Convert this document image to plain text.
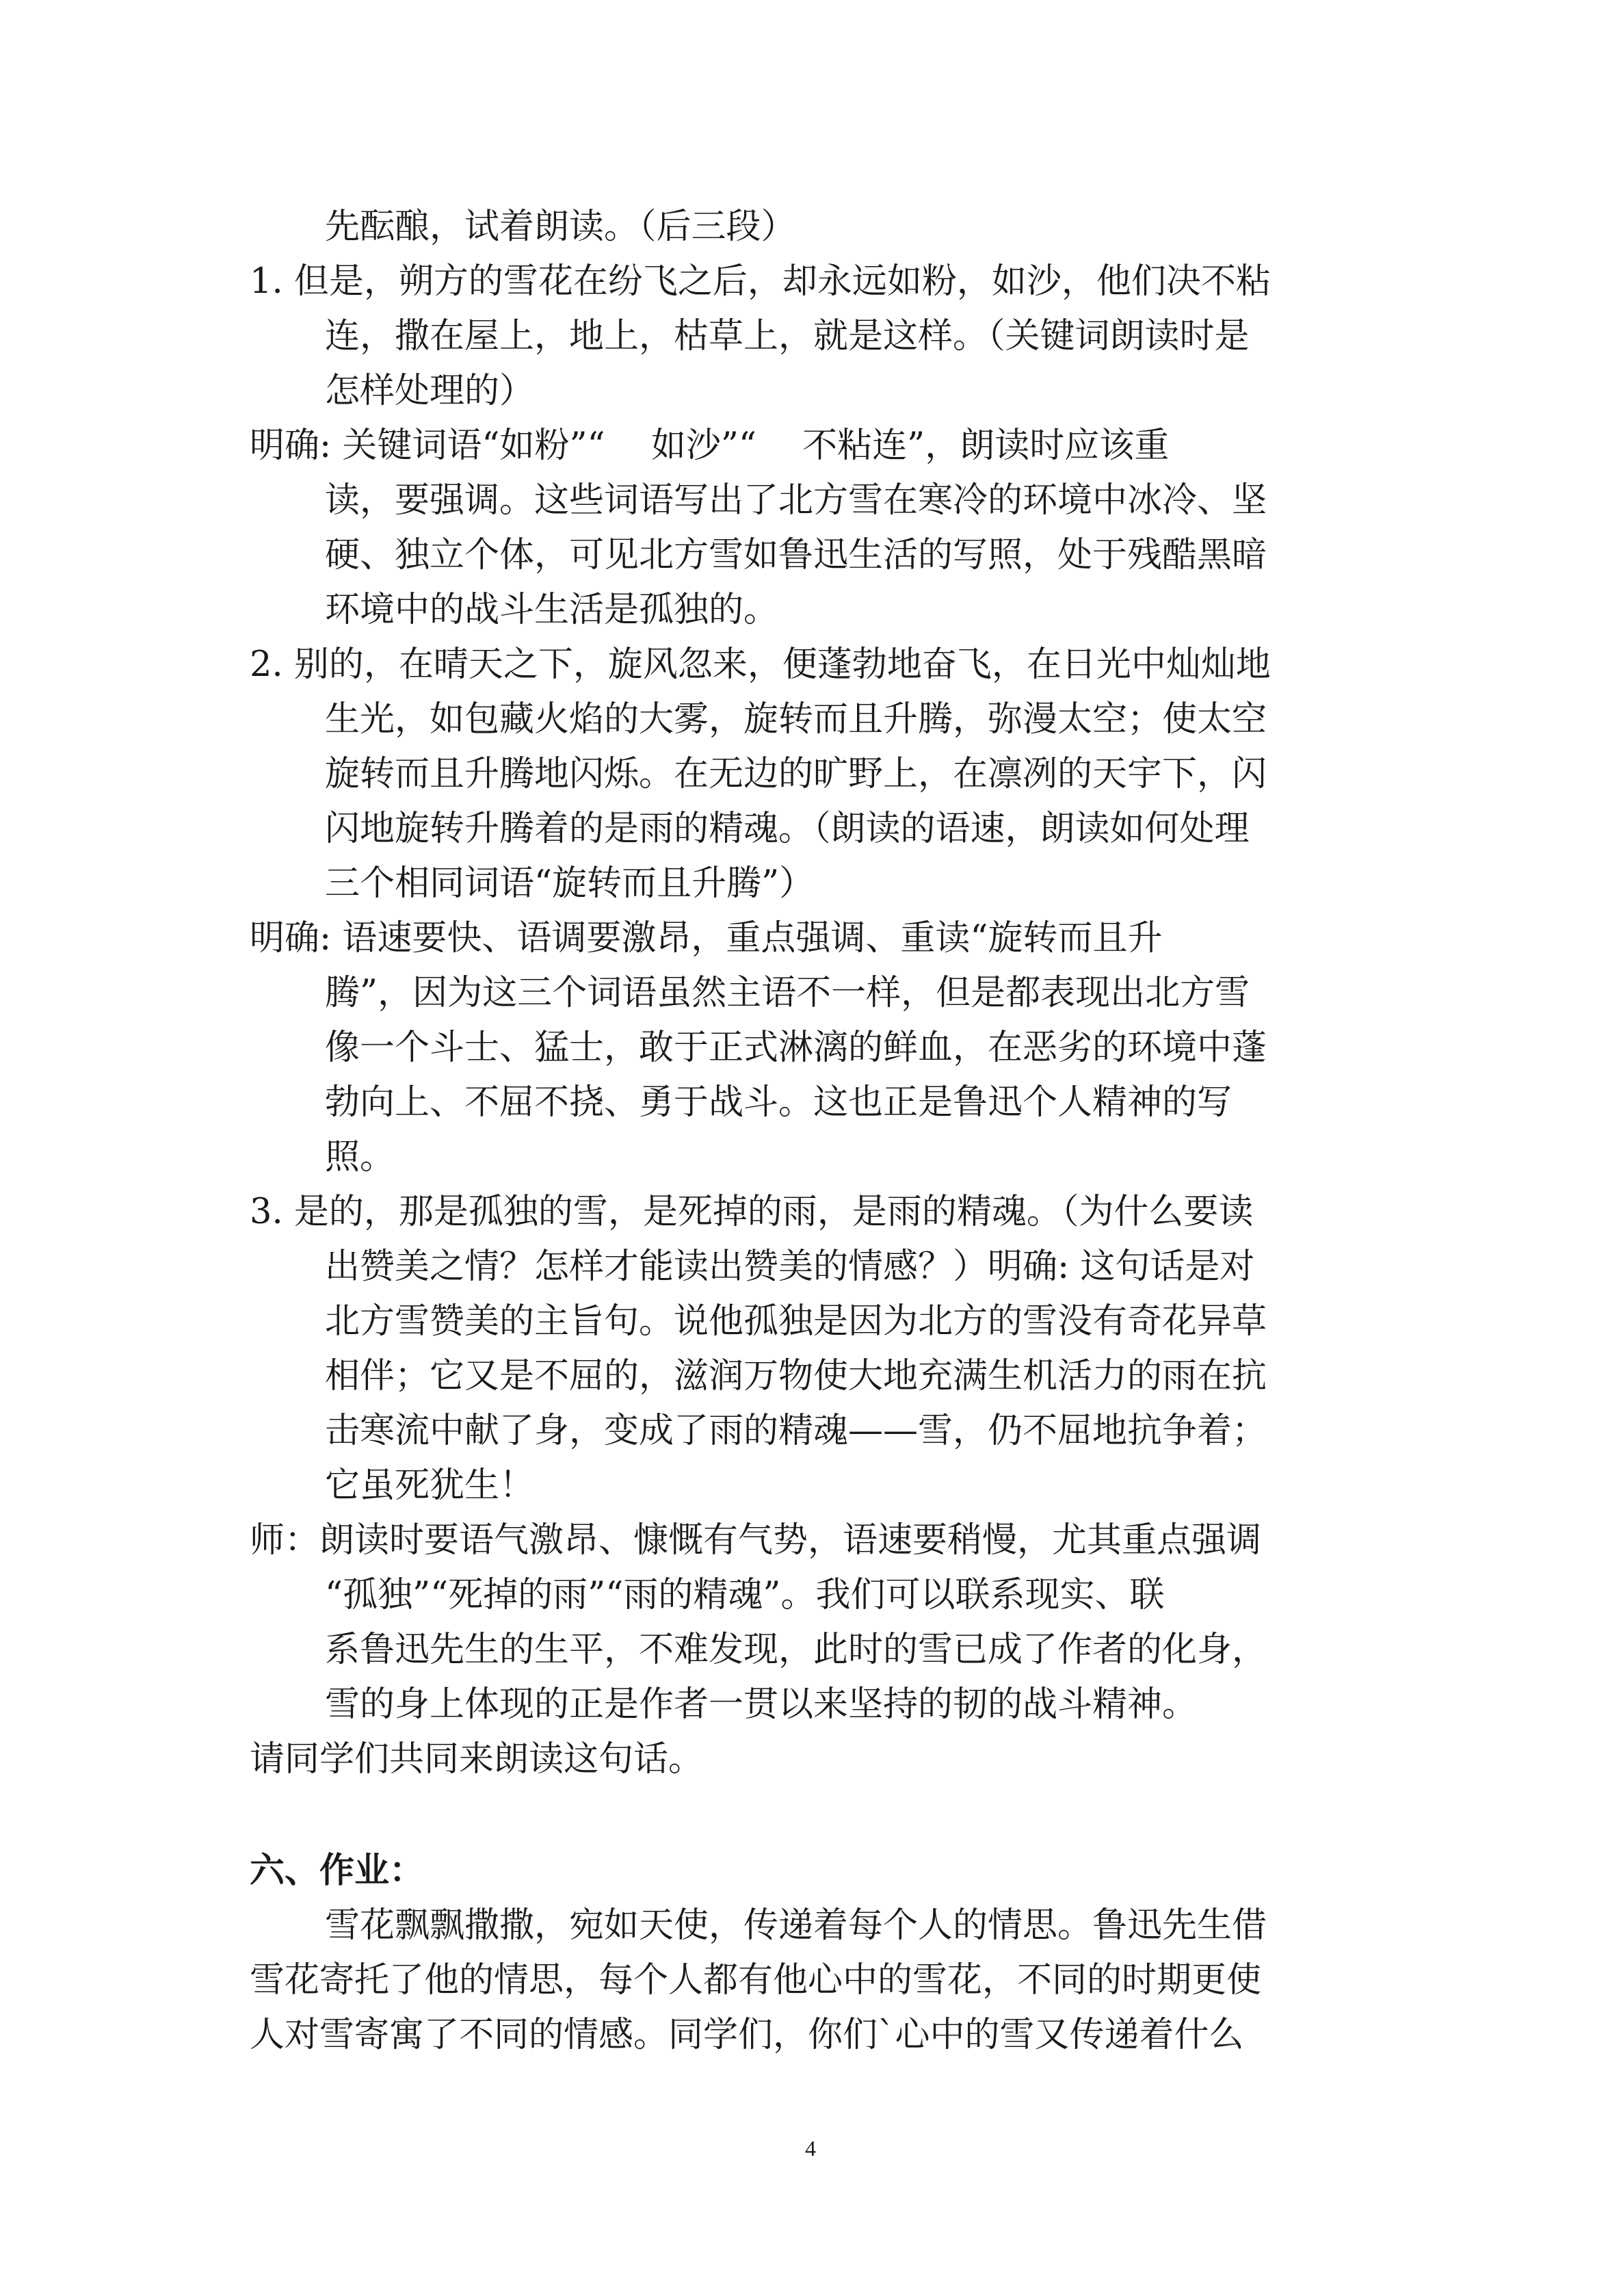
先酝酿，试着朗读。（后三段）
1. 但是，朔方的雪花在纷飞之后，却永远如粉，如沙，他们决不粘
连，撒在屋上，地上，枯草上，就是这样。（关键词朗读时是
怎样处理的）
明确: 关键词语“如粉”“　 如沙”“　 不粘连”，朗读时应该重
读，要强调。这些词语写出了北方雪在寒冷的环境中冰冷、坚
硬、独立个体，可见北方雪如鲁迅生活的写照，处于残酷黑暗
环境中的战斗生活是孤独的。
2. 别的，在晴天之下，旋风忽来，便蓬勃地奋飞，在日光中灿灿地
生光，如包藏火焰的大雾，旋转而且升腾，弥漫太空；使太空
旋转而且升腾地闪烁。在无边的旷野上，在凛冽的天宇下，闪
闪地旋转升腾着的是雨的精魂。（朗读的语速，朗读如何处理
三个相同词语“旋转而且升腾”）
明确: 语速要快、语调要激昂，重点强调、重读“旋转而且升
腾”，因为这三个词语虽然主语不一样，但是都表现出北方雪
像一个斗士、猛士，敢于正式淋漓的鲜血，在恶劣的环境中蓬
勃向上、不屈不挠、勇于战斗。这也正是鲁迅个人精神的写
照。
3. 是的，那是孤独的雪，是死掉的雨，是雨的精魂。（为什么要读
出赞美之情？怎样才能读出赞美的情感？）明确: 这句话是对
北方雪赞美的主旨句。说他孤独是因为北方的雪没有奇花异草
相伴；它又是不屈的，滋润万物使大地充满生机活力的雨在抗
击寒流中献了身，变成了雨的精魂——雪，仍不屈地抗争着；
它虽死犹生！
师：朗读时要语气激昂、慷慨有气势，语速要稍慢，尤其重点强调
“孤独”“死掉的雨”“雨的精魂”。我们可以联系现实、联
系鲁迅先生的生平，不难发现，此时的雪已成了作者的化身，
雪的身上体现的正是作者一贯以来坚持的韧的战斗精神。
请同学们共同来朗读这句话。
六、作业：
雪花飘飘撒撒，宛如天使，传递着每个人的情思。鲁迅先生借
雪花寄托了他的情思，每个人都有他心中的雪花，不同的时期更使
人对雪寄寓了不同的情感。同学们，你们`心中的雪又传递着什么
4
